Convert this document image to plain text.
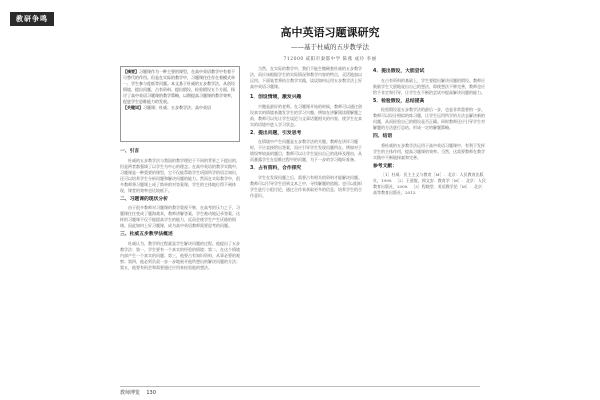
教研争鸣
高中英语习题课研究
——基于杜威的五步教学法
712000 咸阳市秦都中学 陈燕 成玲 李丽
【摘要】习题课作为一种主要的课型，在高中英语教学中有着不可替代的作用。但是在实际的教学中，习题课往往存在着模式单一、学生参与度低等问题。本文基于杜威的五步教学法，从创设情境、提出问题、占有资料、提出假设、检验假设五个方面，探讨了高中英语习题课的教学策略，以期提高习题课的教学效率，促进学生思维能力的发展。
【关键词】习题课；杜威；五步教学法；高中英语
一、引言

杜威的五步教学法与我国的教学理论于不同的背景之下提出的，但是两者都强调了以学生为中心的理念。在高中英语的教学实践中，习题课是一种重要的课型，它不仅能帮助学生巩固所学的语言知识，还可以培养学生分析问题和解决问题的能力。然而在实际教学中，很多教师将习题课上成了简单的对答案课，学生的主体地位得不到体现，课堂的效率也比较低下。

二、习题课的现状分析

由于很多教师对习题课的教学重视不够，在高考的压力之下，习题课往往变成了题海战术，教师讲解答案，学生被动地记录答案。这样的习题课不仅不能提高学生的能力，反而会使学生产生厌倦的情绪。因此如何上好习题课，成为高中英语教师需要思考的问题。

三、杜威五步教学法概述

杜威认为，教学的过程就是学生解决问题的过程。他提出了五步教学法：第一，学生要有一个真实的经验的情境；第二，在这个情境内部产生一个真实的问题；第三，他要占有知识资料，从事必要的观察；第四，他必须负责一步一步地展开他所想出的解决问题的方法；第五，他要有机会和需要通过应用来检验他的想法。

当然，在实际的教学中，我们不能生搬硬套杜威的五步教学法，而应该根据学生的实际情况和教学内容的特点，灵活地加以运用。下面笔者将结合教学实践，谈谈如何运用五步教学法上好高中英语习题课。

1．创设情境，激发兴趣

兴趣是最好的老师。在习题课开始的时候，教师可以通过创设真实的情境来激发学生的学习兴趣。例如在讲解阅读理解题之前，教师可以先让学生谈论与文章话题相关的内容，使学生在真实的语境中进入学习状态。

2．提出问题，引发思考

在情境中产生问题是五步教学法的关键。教师在讲评习题时，不应直接给出答案，而应引导学生发现问题所在。例如对于错误率较高的题目，教师可以让学生说出自己的选择及理由，从而暴露学生在思维过程中的问题，为下一步的学习做好准备。

3．占有资料，合作探究

学生在发现问题之后，需要占有相关的资料才能解决问题。教师可以引导学生回到文本之中，寻找解题的依据；也可以组织学生进行小组讨论，通过合作来获取更多的信息，培养学生的合作意识。

4．提出假设，大胆尝试

在占有资料的基础上，学生要提出解决问题的假设。教师应鼓励学生大胆地说出自己的想法，即使想法不够完善，教师也应给予肯定和引导，让学生在不断的尝试中提高解决问题的能力。

5．检验假设，总结提高

检验假设是五步教学法的最后一步，也是非常重要的一步。教师可以设计相似的练习题，让学生运用所学的方法去解决新的问题，从而检验自己的假设是否正确。同时教师还应引导学生对解题的方法进行总结，形成一定的解题策略。

四、结语

将杜威的五步教学法运用于高中英语习题课中，有利于发挥学生的主体作用，提高习题课的效率。当然，这需要教师在教学实践中不断地探索和完善。

参考文献：

［1］杜威．民主主义与教育［M］．北京：人民教育出版社，1990．［2］王道俊，郭文安．教育学［M］．北京：人民教育出版社，2009．［3］程晓堂．英语教学论［M］．北京：高等教育出版社，2013．

教师博览 130
